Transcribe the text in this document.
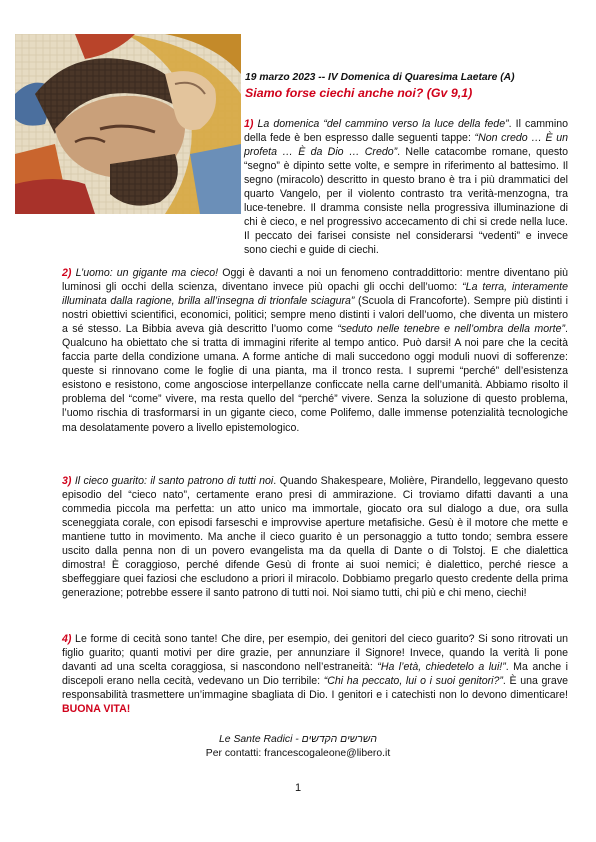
19 marzo 2023 -- IV Domenica di Quaresima Laetare (A)
Siamo forse ciechi anche noi? (Gv 9,1)
1) La domenica “del cammino verso la luce della fede”. Il cammino della fede è ben espresso dalle seguenti tappe: “Non credo … È un profeta … È da Dio … Credo”. Nelle catacombe romane, questo “segno” è dipinto sette volte, e sempre in riferimento al battesimo. Il segno (miracolo) descritto in questo brano è tra i più drammatici del quarto Vangelo, per il violento contrasto tra verità-menzogna, tra luce-tenebre. Il dramma consiste nella progressiva illuminazione di chi è cieco, e nel progressivo accecamento di chi si crede nella luce. Il peccato dei farisei consiste nel considerarsi “vedenti” e invece sono ciechi e guide di ciechi.
2) L’uomo: un gigante ma cieco! Oggi è davanti a noi un fenomeno contraddittorio: mentre diventano più luminosi gli occhi della scienza, diventano invece più opachi gli occhi dell’uomo: “La terra, interamente illuminata dalla ragione, brilla all’insegna di trionfale sciagura” (Scuola di Francoforte). Sempre più distinti i nostri obiettivi scientifici, economici, politici; sempre meno distinti i valori dell’uomo, che diventa un mistero a sé stesso. La Bibbia aveva già descritto l’uomo come “seduto nelle tenebre e nell’ombra della morte”. Qualcuno ha obiettato che si tratta di immagini riferite al tempo antico. Può darsi! A noi pare che la cecità faccia parte della condizione umana. A forme antiche di mali succedono oggi moduli nuovi di sofferenze: queste si rinnovano come le foglie di una pianta, ma il tronco resta. I supremi “perché” dell’esistenza esistono e resistono, come angosciose interpellanze conficcate nella carne dell’umanità. Abbiamo risolto il problema del “come” vivere, ma resta quello del “perché” vivere. Senza la soluzione di questo problema, l’uomo rischia di trasformarsi in un gigante cieco, come Polifemo, dalle immense potenzialità tecnologiche ma desolatamente povero a livello epistemologico.
3) Il cieco guarito: il santo patrono di tutti noi. Quando Shakespeare, Molière, Pirandello, leggevano questo episodio del “cieco nato”, certamente erano presi di ammirazione. Ci troviamo difatti davanti a una commedia piccola ma perfetta: un atto unico ma immortale, giocato ora sul dialogo a due, ora sulla sceneggiata corale, con episodi farseschi e improvvise aperture metafisiche. Gesù è il motore che mette e mantiene tutto in movimento. Ma anche il cieco guarito è un personaggio a tutto tondo; sembra essere uscito dalla penna non di un povero evangelista ma da quella di Dante o di Tolstoj. E che dialettica dimostra! È coraggioso, perché difende Gesù di fronte ai suoi nemici; è dialettico, perché riesce a sbeffeggiare quei faziosi che escludono a priori il miracolo. Dobbiamo pregarlo questo credente della prima generazione; potrebbe essere il santo patrono di tutti noi. Noi siamo tutti, chi più e chi meno, ciechi!
4) Le forme di cecità sono tante! Che dire, per esempio, dei genitori del cieco guarito? Si sono ritrovati un figlio guarito; quanti motivi per dire grazie, per annunziare il Signore! Invece, quando la verità li pone davanti ad una scelta coraggiosa, si nascondono nell’estraneità: “Ha l’età, chiedetelo a lui!”. Ma anche i discepoli erano nella cecità, vedevano un Dio terribile: “Chi ha peccato, lui o i suoi genitori?”. È una grave responsabilità trasmettere un’immagine sbagliata di Dio. I genitori e i catechisti non lo devono dimenticare! BUONA VITA!
Le Sante Radici - השרשים הקדשים
Per contatti: francescogaleone@libero.it
1
